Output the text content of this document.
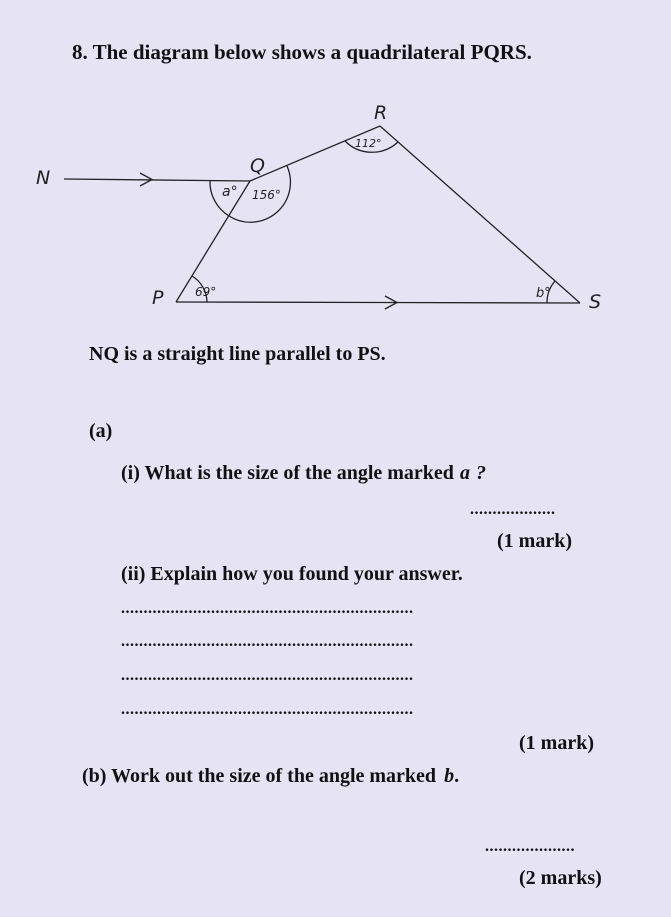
8. The diagram below shows a quadrilateral PQRS.
N
P
Q
R
S
69°
a° 156°
112°
b°
NQ is a straight line parallel to PS.
(a)
(i) What is the size of the angle marked a ?
...................
(1 mark)
(ii) Explain how you found your answer.
.................................................................
.................................................................
.................................................................
.................................................................
(1 mark)
(b) Work out the size of the angle marked b.
....................
(2 marks)
